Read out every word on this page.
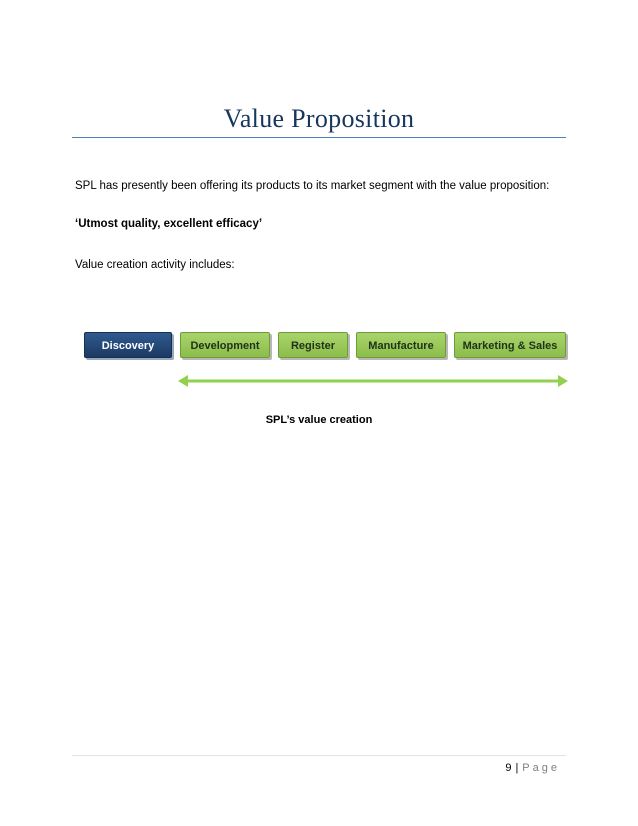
Value Proposition
SPL has presently been offering its products to its market segment with the value proposition:
‘Utmost quality, excellent efficacy’
Value creation activity includes:
Discovery	Development	Register	Manufacture	Marketing & Sales
SPL’s value creation
9 | Page
